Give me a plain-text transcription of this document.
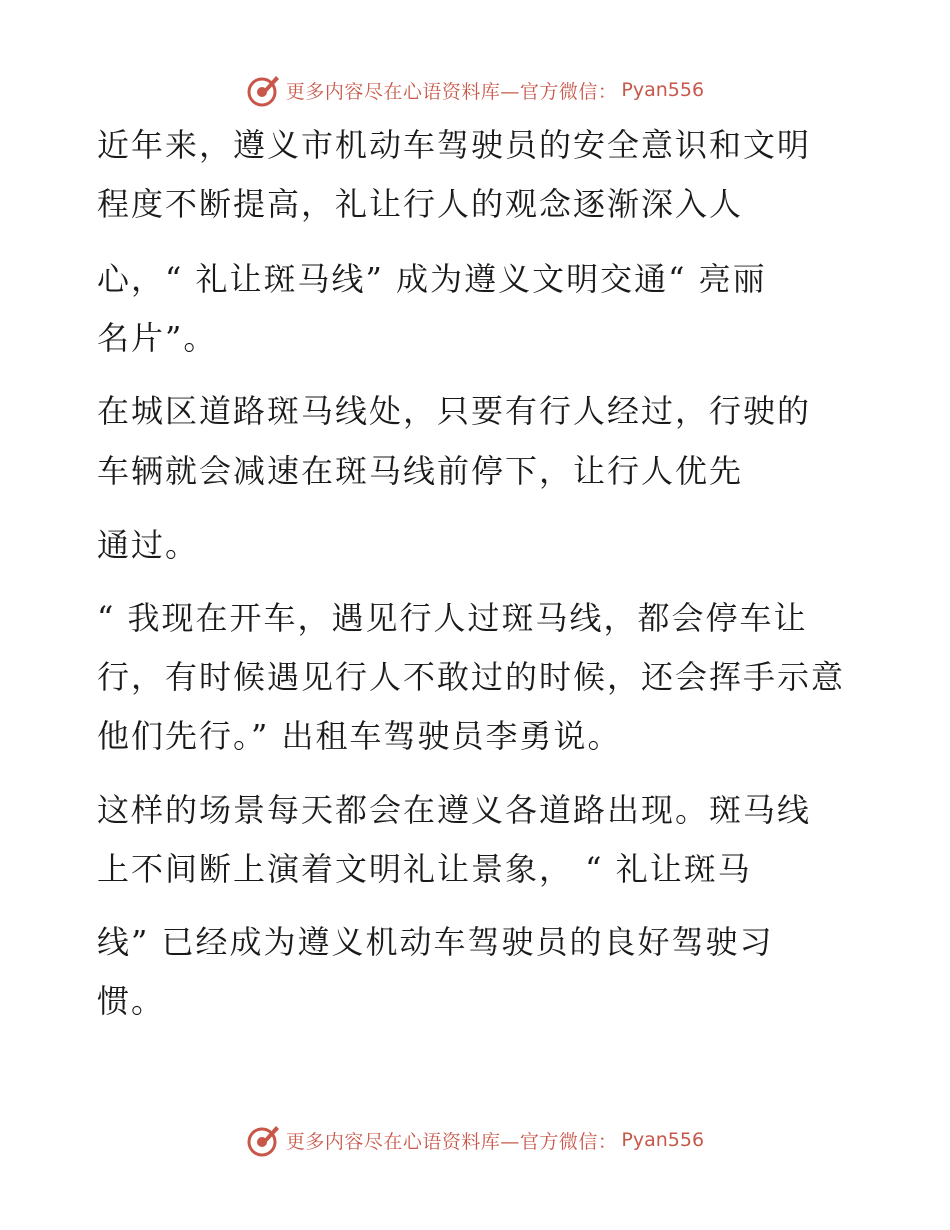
更多内容尽在心语资料库—官方微信： Pyan556
近年来，遵义市机动车驾驶员的安全意识和文明
程度不断提高，礼让行人的观念逐渐深入人
心，“ 礼让斑马线” 成为遵义文明交通“ 亮丽
名片”。
在城区道路斑马线处，只要有行人经过，行驶的
车辆就会减速在斑马线前停下，让行人优先
通过。
“ 我现在开车，遇见行人过斑马线，都会停车让
行，有时候遇见行人不敢过的时候，还会挥手示意
他们先行。” 出租车驾驶员李勇说。
这样的场景每天都会在遵义各道路出现。斑马线
上不间断上演着文明礼让景象， “ 礼让斑马
线” 已经成为遵义机动车驾驶员的良好驾驶习
惯。
更多内容尽在心语资料库—官方微信： Pyan556
